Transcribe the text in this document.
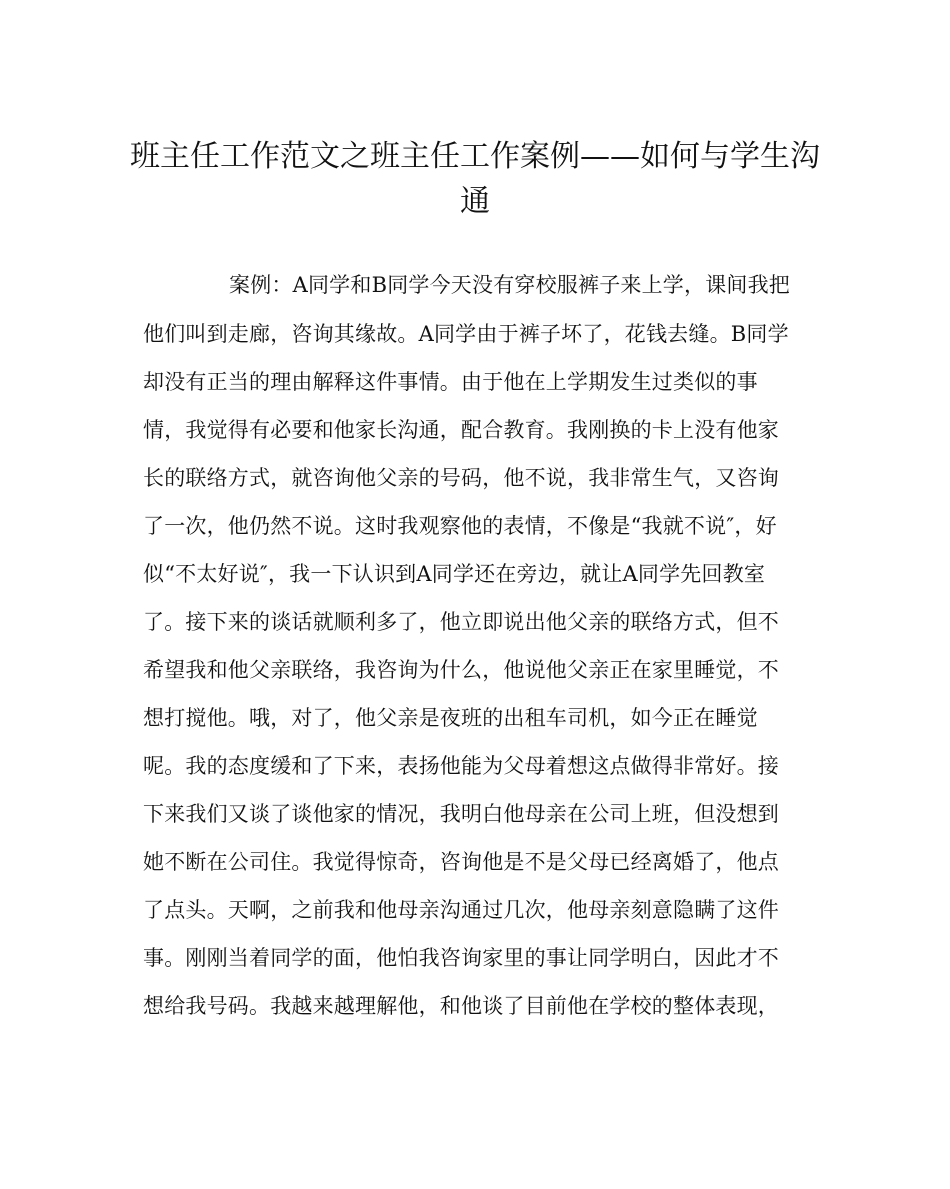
班主任工作范文之班主任工作案例——如何与学生沟
通
案例：A同学和B同学今天没有穿校服裤子来上学，课间我把
他们叫到走廊，咨询其缘故。A同学由于裤子坏了，花钱去缝。B同学
却没有正当的理由解释这件事情。由于他在上学期发生过类似的事
情，我觉得有必要和他家长沟通，配合教育。我刚换的卡上没有他家
长的联络方式，就咨询他父亲的号码，他不说，我非常生气，又咨询
了一次，他仍然不说。这时我观察他的表情，不像是“我就不说″，好
似“不太好说″，我一下认识到A同学还在旁边，就让A同学先回教室
了。接下来的谈话就顺利多了，他立即说出他父亲的联络方式，但不
希望我和他父亲联络，我咨询为什么，他说他父亲正在家里睡觉，不
想打搅他。哦，对了，他父亲是夜班的出租车司机，如今正在睡觉
呢。我的态度缓和了下来，表扬他能为父母着想这点做得非常好。接
下来我们又谈了谈他家的情况，我明白他母亲在公司上班，但没想到
她不断在公司住。我觉得惊奇，咨询他是不是父母已经离婚了，他点
了点头。天啊，之前我和他母亲沟通过几次，他母亲刻意隐瞒了这件
事。刚刚当着同学的面，他怕我咨询家里的事让同学明白，因此才不
想给我号码。我越来越理解他，和他谈了目前他在学校的整体表现，
